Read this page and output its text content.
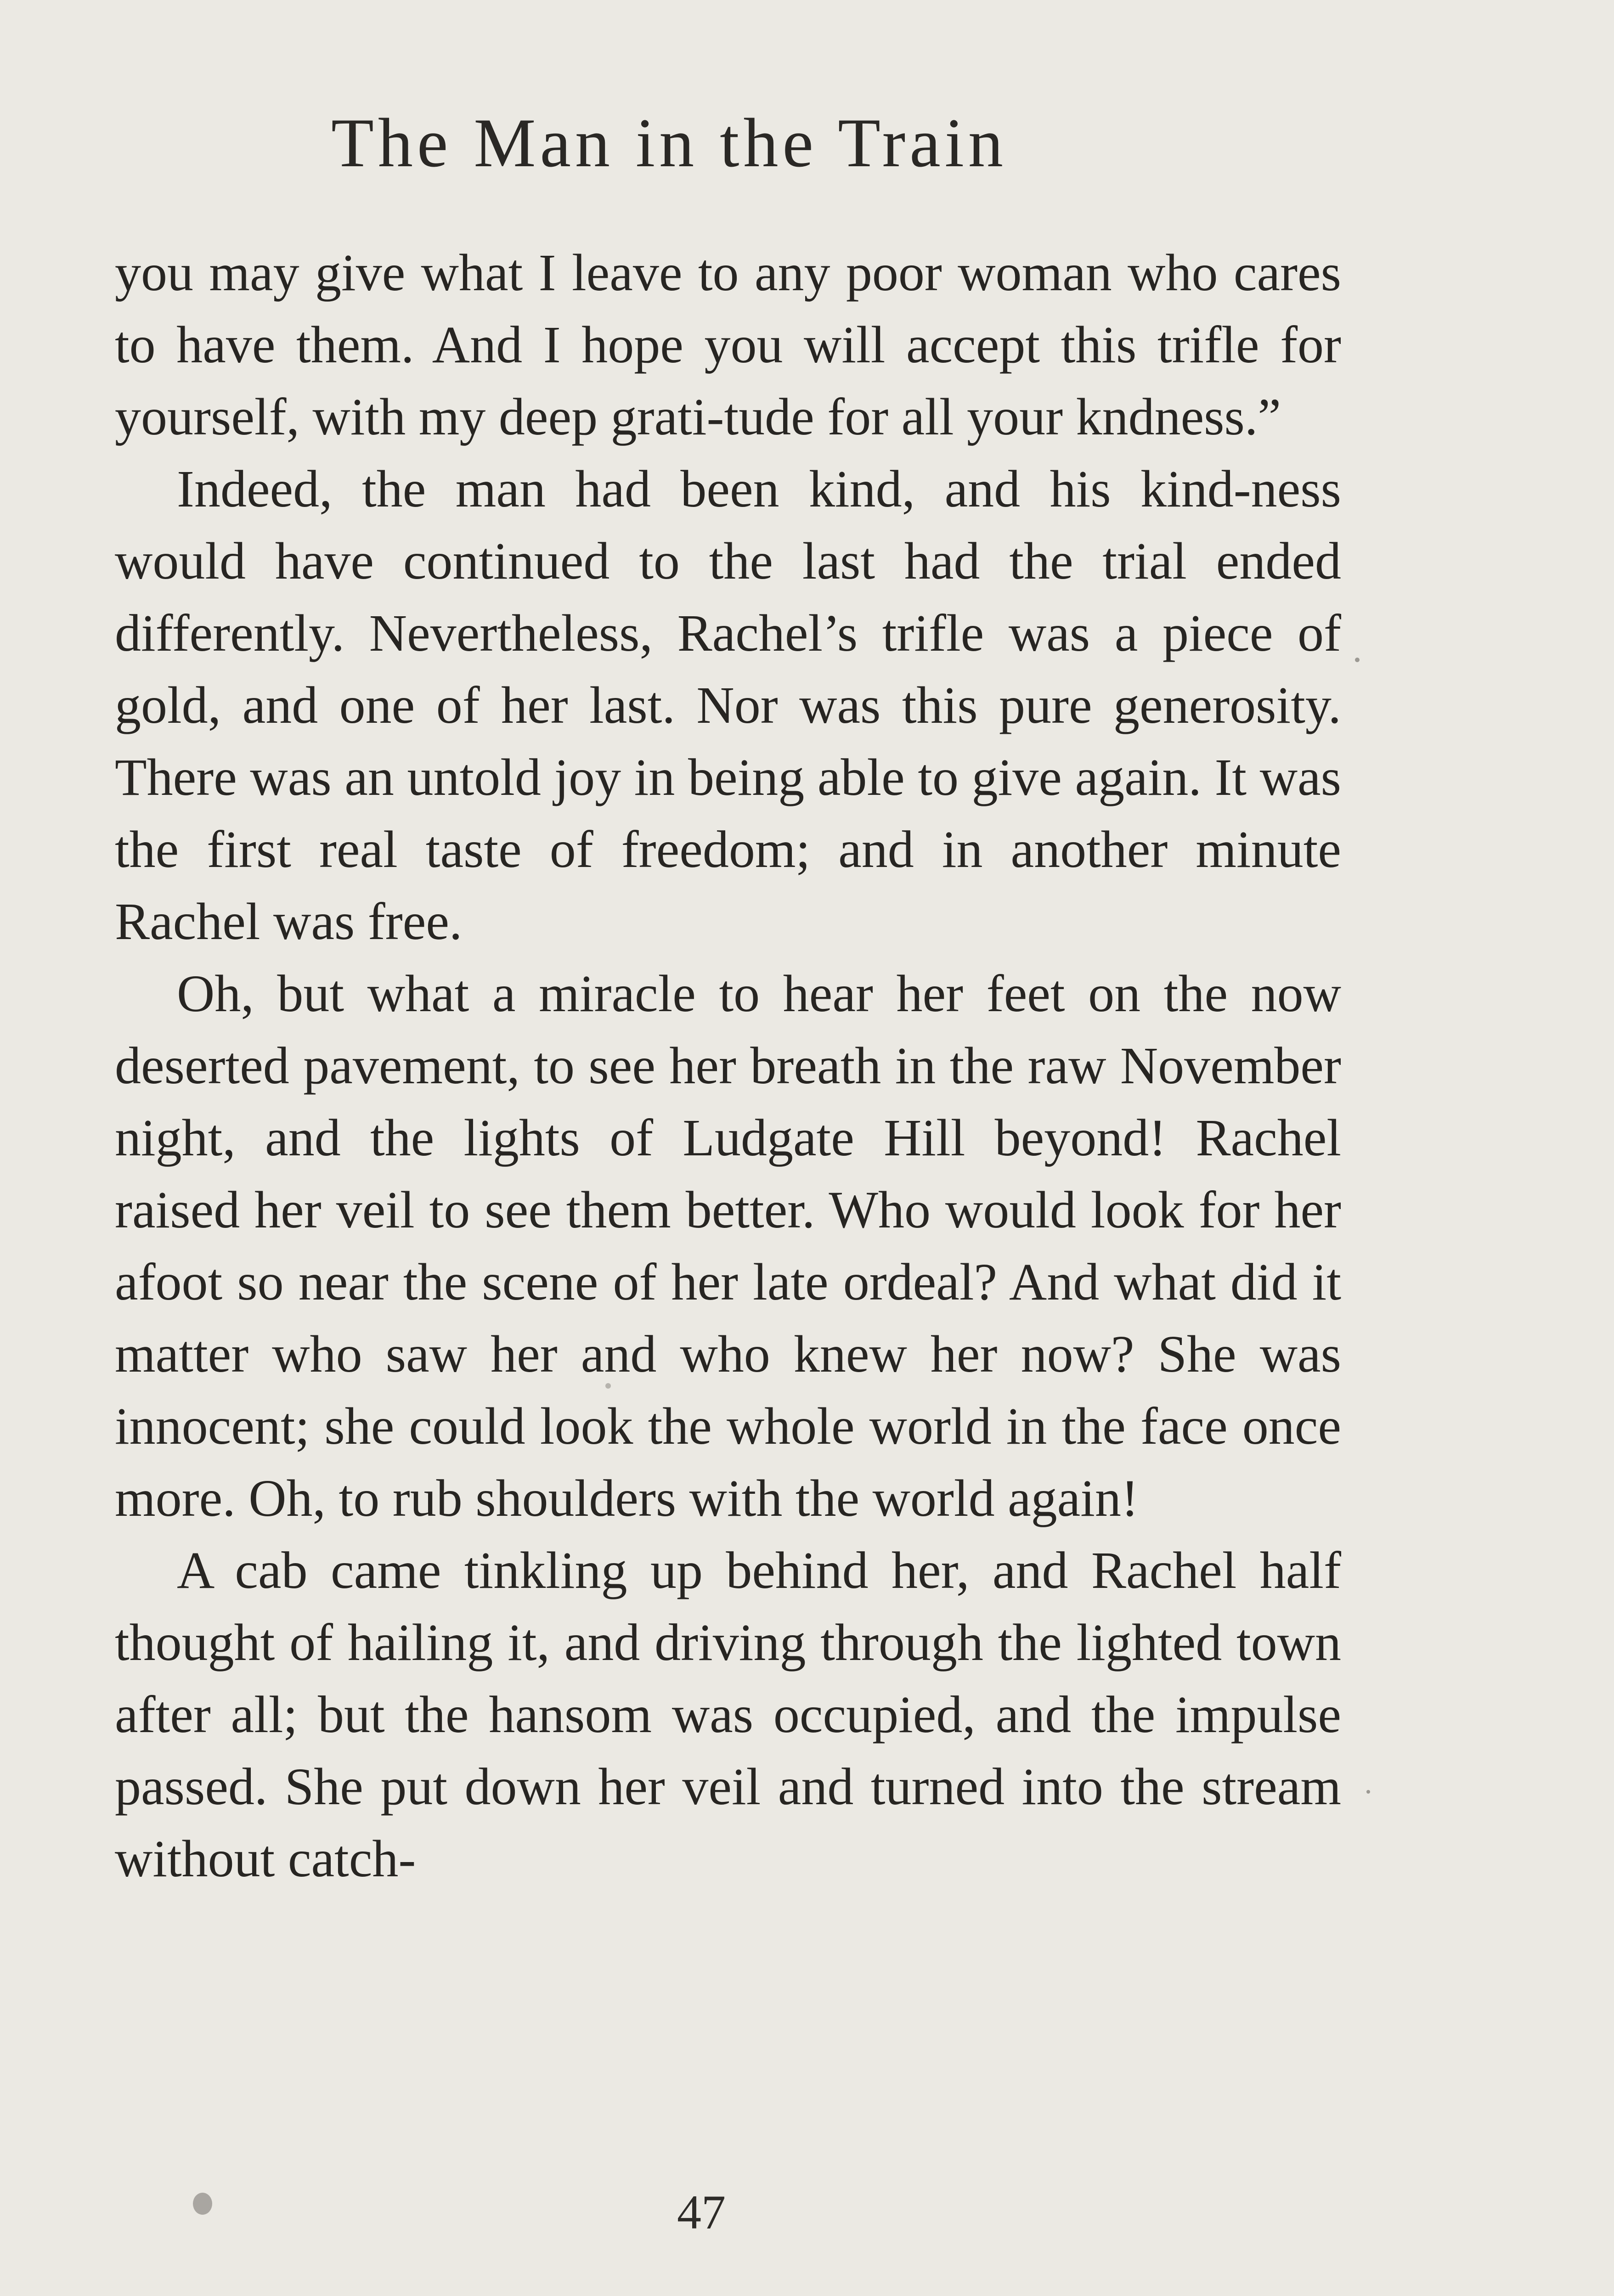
The Man in the Train

you may give what I leave to any poor woman who cares to have them. And I hope you will accept this trifle for yourself, with my deep grati-tude for all your kndness.”

Indeed, the man had been kind, and his kind-ness would have continued to the last had the trial ended differently. Nevertheless, Rachel’s trifle was a piece of gold, and one of her last. Nor was this pure generosity. There was an untold joy in being able to give again. It was the first real taste of freedom; and in another minute Rachel was free.

Oh, but what a miracle to hear her feet on the now deserted pavement, to see her breath in the raw November night, and the lights of Ludgate Hill beyond! Rachel raised her veil to see them better. Who would look for her afoot so near the scene of her late ordeal? And what did it matter who saw her and who knew her now? She was innocent; she could look the whole world in the face once more. Oh, to rub shoulders with the world again!

A cab came tinkling up behind her, and Rachel half thought of hailing it, and driving through the lighted town after all; but the hansom was occupied, and the impulse passed. She put down her veil and turned into the stream without catch-

47
